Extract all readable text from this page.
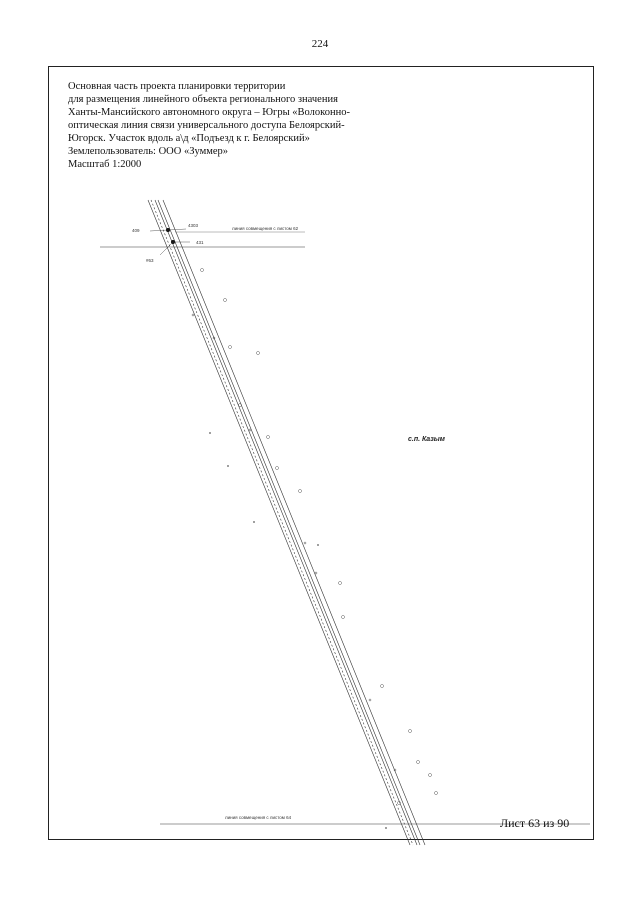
224
Основная часть проекта планировки территории
для размещения линейного объекта регионального значения
Ханты-Мансийского автономного округа – Югры «Волоконно-
оптическая линия связи универсального доступа Белоярский-
Югорск. Участок вдоль а\д «Подъезд к г. Белоярский»
Землепользователь: ООО «Зуммер»
Масштаб 1:2000
линия совмещения с листом 62
линия совмещения с листом 64
409
4303
431
#63
с.п. Казым
Лист 63 из 90
